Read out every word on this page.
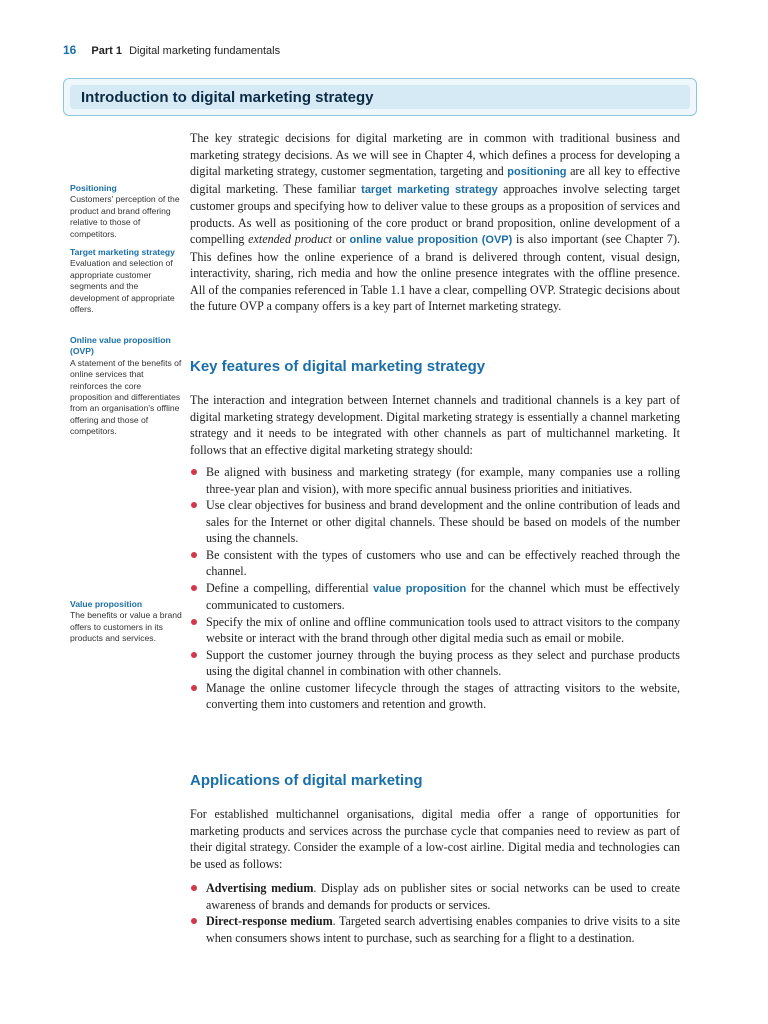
16 Part 1 Digital marketing fundamentals
Introduction to digital marketing strategy
Positioning
Customers' perception of the product and brand offering relative to those of competitors.
Target marketing strategy
Evaluation and selection of appropriate customer segments and the development of appropriate offers.
Online value proposition (OVP)
A statement of the benefits of online services that reinforces the core proposition and differentiates from an organisation's offline offering and those of competitors.
Value proposition
The benefits or value a brand offers to customers in its products and services.

The key strategic decisions for digital marketing are in common with traditional business and marketing strategy decisions. As we will see in Chapter 4, which defines a process for developing a digital marketing strategy, customer segmentation, targeting and positioning are all key to effective digital marketing. These familiar target marketing strategy approaches involve selecting target customer groups and specifying how to deliver value to these groups as a proposition of services and products. As well as positioning of the core product or brand proposition, online development of a compelling extended product or online value proposition (OVP) is also important (see Chapter 7). This defines how the online experience of a brand is delivered through content, visual design, interactivity, sharing, rich media and how the online presence integrates with the offline presence. All of the companies referenced in Table 1.1 have a clear, compelling OVP. Strategic decisions about the future OVP a company offers is a key part of Internet marketing strategy.

Key features of digital marketing strategy

The interaction and integration between Internet channels and traditional channels is a key part of digital marketing strategy development. Digital marketing strategy is essentially a channel marketing strategy and it needs to be integrated with other channels as part of multichannel marketing. It follows that an effective digital marketing strategy should:

Be aligned with business and marketing strategy (for example, many companies use a rolling three-year plan and vision), with more specific annual business priorities and initiatives.
Use clear objectives for business and brand development and the online contribution of leads and sales for the Internet or other digital channels. These should be based on models of the number using the channels.
Be consistent with the types of customers who use and can be effectively reached through the channel.
Define a compelling, differential value proposition for the channel which must be effectively communicated to customers.
Specify the mix of online and offline communication tools used to attract visitors to the company website or interact with the brand through other digital media such as email or mobile.
Support the customer journey through the buying process as they select and purchase products using the digital channel in combination with other channels.
Manage the online customer lifecycle through the stages of attracting visitors to the website, converting them into customers and retention and growth.
Applications of digital marketing

For established multichannel organisations, digital media offer a range of opportunities for marketing products and services across the purchase cycle that companies need to review as part of their digital strategy. Consider the example of a low-cost airline. Digital media and technologies can be used as follows:

Advertising medium. Display ads on publisher sites or social networks can be used to create awareness of brands and demands for products or services.
Direct-response medium. Targeted search advertising enables companies to drive visits to a site when consumers shows intent to purchase, such as searching for a flight to a destination.
